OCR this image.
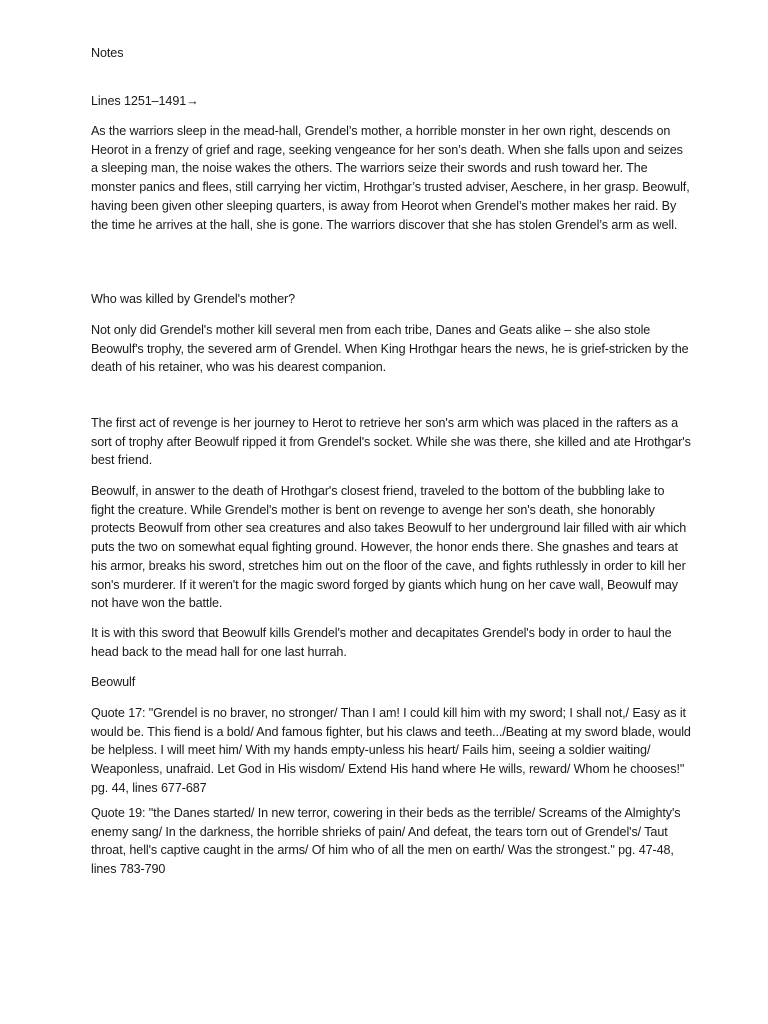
Notes

Lines 1251–1491→

As the warriors sleep in the mead-hall, Grendel’s mother, a horrible monster in her own right, descends on Heorot in a frenzy of grief and rage, seeking vengeance for her son’s death. When she falls upon and seizes a sleeping man, the noise wakes the others. The warriors seize their swords and rush toward her. The monster panics and flees, still carrying her victim, Hrothgar’s trusted adviser, Aeschere, in her grasp. Beowulf, having been given other sleeping quarters, is away from Heorot when Grendel’s mother makes her raid. By the time he arrives at the hall, she is gone. The warriors discover that she has stolen Grendel’s arm as well.

Who was killed by Grendel's mother?

Not only did Grendel's mother kill several men from each tribe, Danes and Geats alike – she also stole Beowulf's trophy, the severed arm of Grendel. When King Hrothgar hears the news, he is grief-stricken by the death of his retainer, who was his dearest companion.

The first act of revenge is her journey to Herot to retrieve her son's arm which was placed in the rafters as a sort of trophy after Beowulf ripped it from Grendel's socket. While she was there, she killed and ate Hrothgar's best friend.

Beowulf, in answer to the death of Hrothgar's closest friend, traveled to the bottom of the bubbling lake to fight the creature. While Grendel's mother is bent on revenge to avenge her son's death, she honorably protects Beowulf from other sea creatures and also takes Beowulf to her underground lair filled with air which puts the two on somewhat equal fighting ground. However, the honor ends there. She gnashes and tears at his armor, breaks his sword, stretches him out on the floor of the cave, and fights ruthlessly in order to kill her son's murderer. If it weren't for the magic sword forged by giants which hung on her cave wall, Beowulf may not have won the battle.

It is with this sword that Beowulf kills Grendel's mother and decapitates Grendel's body in order to haul the head back to the mead hall for one last hurrah.

Beowulf

Quote 17: "Grendel is no braver, no stronger/ Than I am! I could kill him with my sword; I shall not,/ Easy as it would be. This fiend is a bold/ And famous fighter, but his claws and teeth.../Beating at my sword blade, would be helpless. I will meet him/ With my hands empty-unless his heart/ Fails him, seeing a soldier waiting/ Weaponless, unafraid. Let God in His wisdom/ Extend His hand where He wills, reward/ Whom he chooses!" pg. 44, lines 677-687

Quote 19: "the Danes started/ In new terror, cowering in their beds as the terrible/ Screams of the Almighty's enemy sang/ In the darkness, the horrible shrieks of pain/ And defeat, the tears torn out of Grendel's/ Taut throat, hell's captive caught in the arms/ Of him who of all the men on earth/ Was the strongest." pg. 47-48, lines 783-790
